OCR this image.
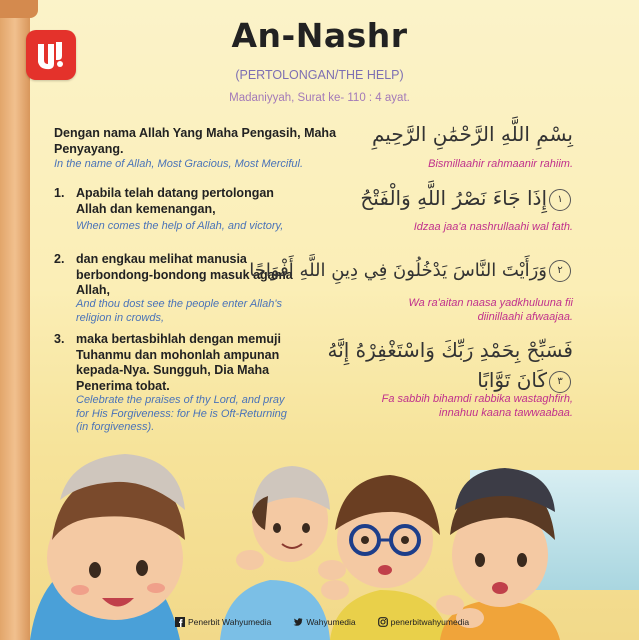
An-Nashr
(PERTOLONGAN/THE HELP)
Madaniyyah, Surat ke- 110 : 4 ayat.
Dengan nama Allah Yang Maha Pengasih, Maha Penyayang.
In the name of Allah, Most Gracious, Most Merciful.
بِسْمِ اللَّهِ الرَّحْمَٰنِ الرَّحِيمِ
Bismillaahir rahmaanir rahiim.
1. Apabila telah datang pertolongan Allah dan kemenangan,
When comes the help of Allah, and victory,
١إِذَا جَاءَ نَصْرُ اللَّهِ وَالْفَتْحُ
Idzaa jaa'a nashrullaahi wal fath.
2. dan engkau melihat manusia berbondong-bondong masuk agama Allah,
And thou dost see the people enter Allah's religion in crowds,
٢وَرَأَيْتَ النَّاسَ يَدْخُلُونَ فِي دِينِ اللَّهِ أَفْوَاجًا
Wa ra'aitan naasa yadkhuluuna fii diinillaahi afwaajaa.
3. maka bertasbihlah dengan memuji Tuhanmu dan mohonlah ampunan kepada-Nya. Sungguh, Dia Maha Penerima tobat.
Celebrate the praises of thy Lord, and pray for His Forgiveness: for He is Oft-Returning (in forgiveness).
فَسَبِّحْ بِحَمْدِ رَبِّكَ وَاسْتَغْفِرْهُ إِنَّهُ
٣كَانَ تَوَّابًا
Fa sabbih bihamdi rabbika wastaghfirh, innahuu kaana tawwaabaa.
Penerbit Wahyumedia	Wahyumedia	penerbitwahyumedia
